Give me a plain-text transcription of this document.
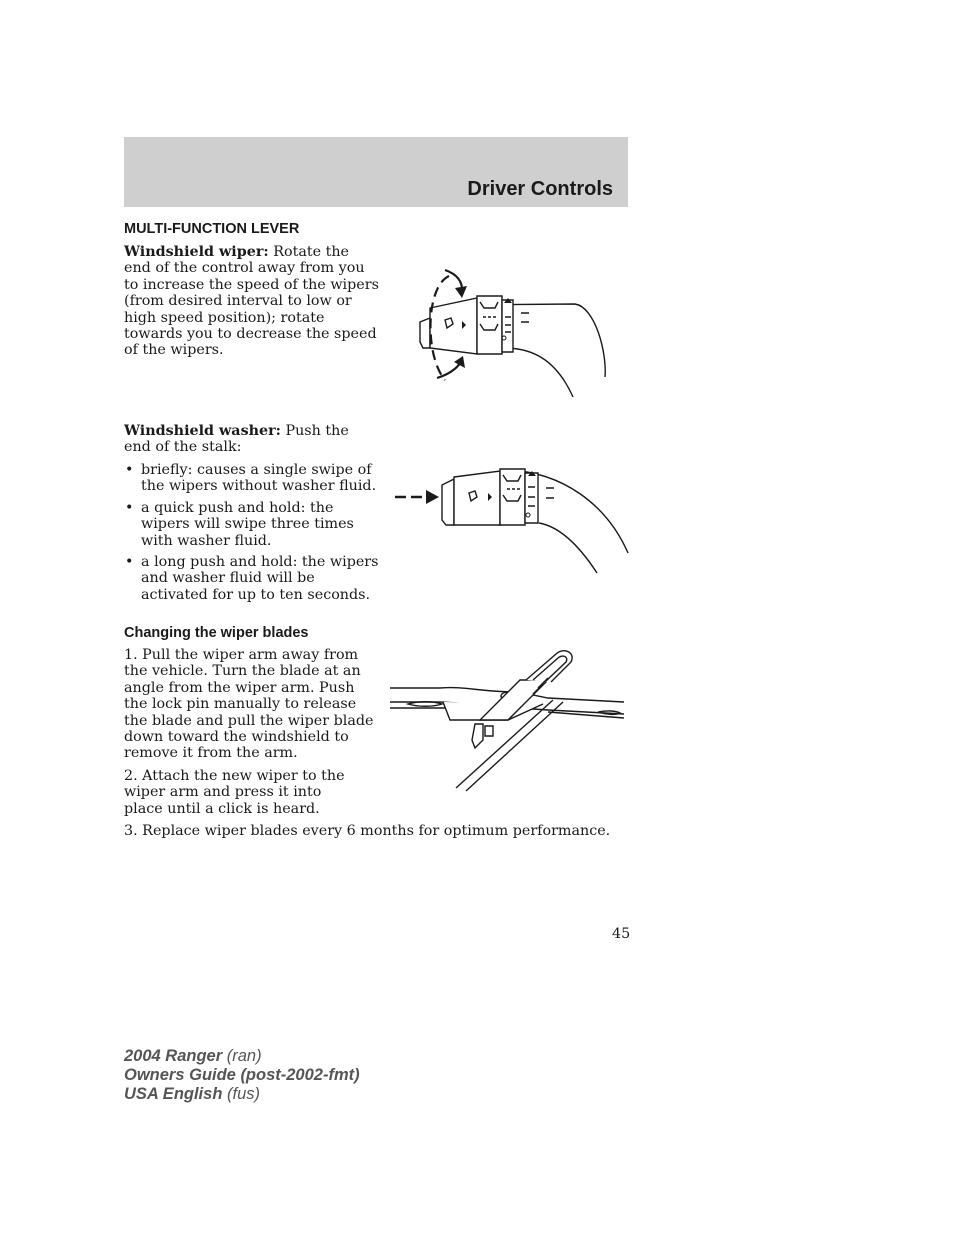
Driver Controls
MULTI-FUNCTION LEVER

Windshield wiper: Rotate the end of the control away from you to increase the speed of the wipers (from desired interval to low or high speed position); rotate towards you to decrease the speed of the wipers.

Windshield washer: Push the end of the stalk:

• briefly: causes a single swipe of the wipers without washer fluid.
• a quick push and hold: the wipers will swipe three times with washer fluid.
• a long push and hold: the wipers and washer fluid will be activated for up to ten seconds.
Changing the wiper blades

1. Pull the wiper arm away from the vehicle. Turn the blade at an angle from the wiper arm. Push the lock pin manually to release the blade and pull the wiper blade down toward the windshield to remove it from the arm.

2. Attach the new wiper to the wiper arm and press it into place until a click is heard.

3. Replace wiper blades every 6 months for optimum performance.

45
2004 Ranger (ran)
Owners Guide (post-2002-fmt)
USA English (fus)
